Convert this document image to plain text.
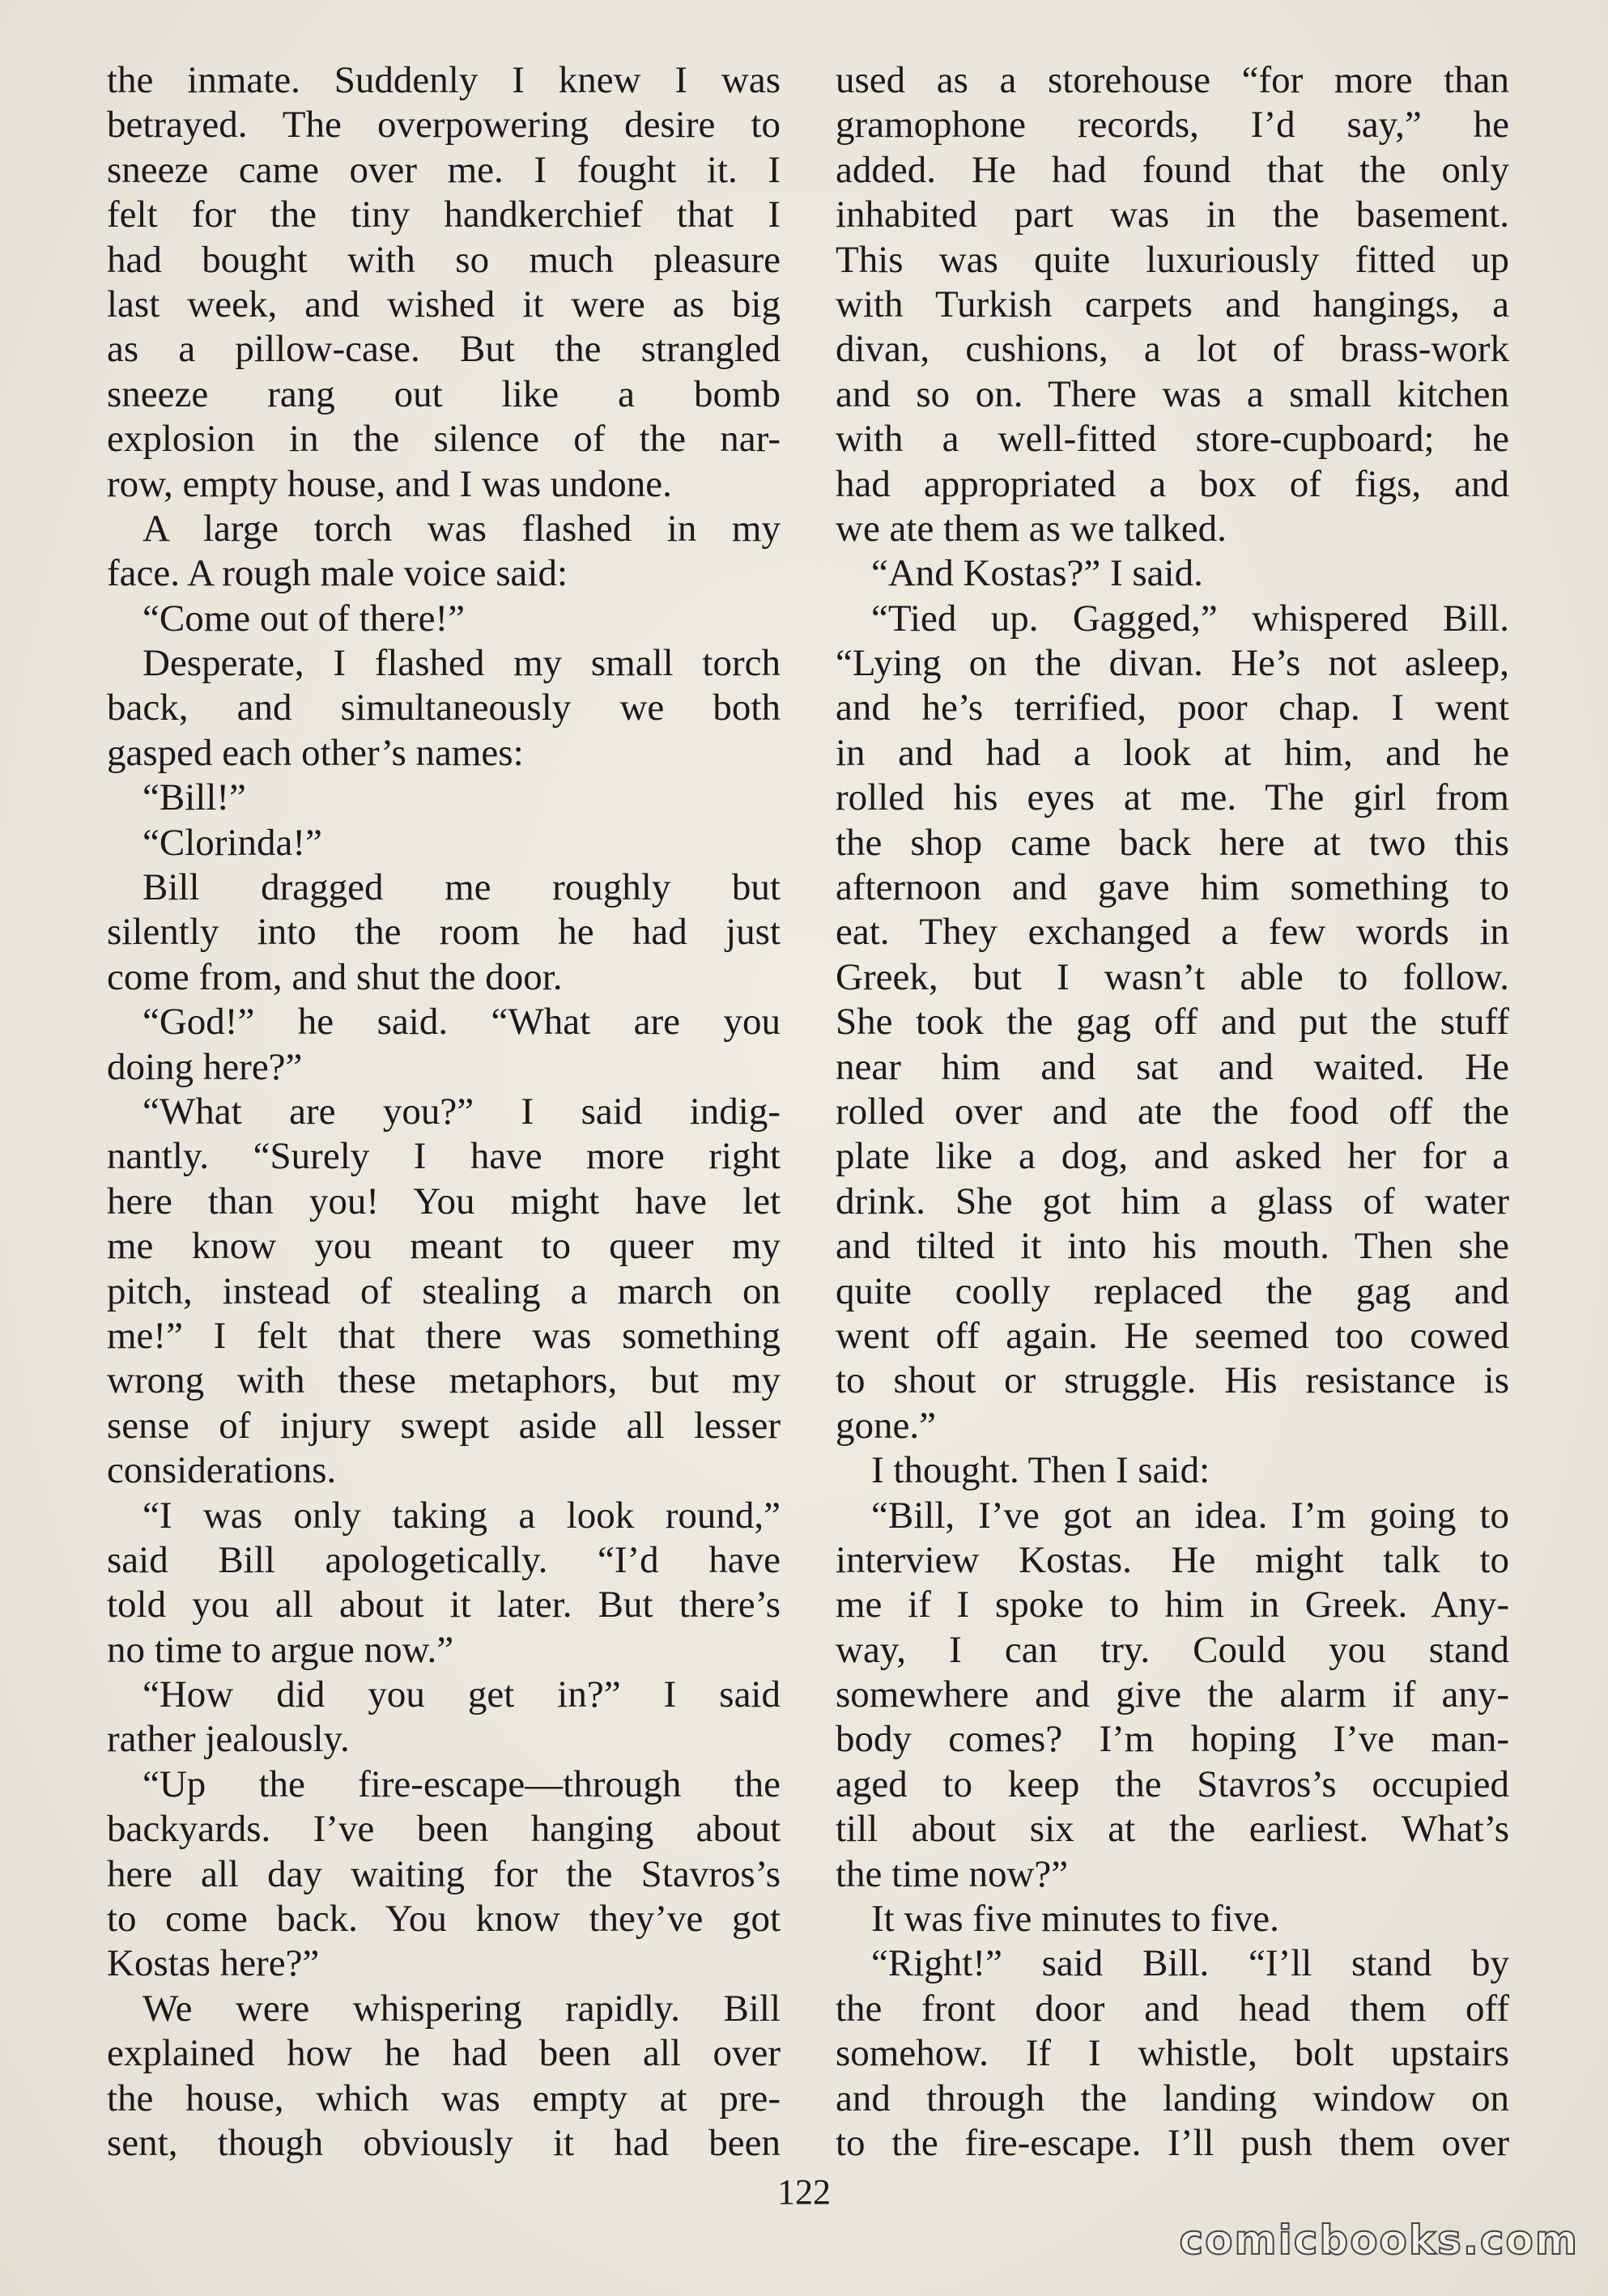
the inmate. Suddenly I knew I was
betrayed. The overpowering desire to
sneeze came over me. I fought it. I
felt for the tiny handkerchief that I
had bought with so much pleasure
last week, and wished it were as big
as a pillow-case. But the strangled
sneeze rang out like a bomb
explosion in the silence of the nar-
row, empty house, and I was undone.
A large torch was flashed in my
face. A rough male voice said:
“Come out of there!”
Desperate, I flashed my small torch
back, and simultaneously we both
gasped each other’s names:
“Bill!”
“Clorinda!”
Bill dragged me roughly but
silently into the room he had just
come from, and shut the door.
“God!” he said. “What are you
doing here?”
“What are you?” I said indig-
nantly. “Surely I have more right
here than you! You might have let
me know you meant to queer my
pitch, instead of stealing a march on
me!” I felt that there was something
wrong with these metaphors, but my
sense of injury swept aside all lesser
considerations.
“I was only taking a look round,”
said Bill apologetically. “I’d have
told you all about it later. But there’s
no time to argue now.”
“How did you get in?” I said
rather jealously.
“Up the fire-escape—through the
backyards. I’ve been hanging about
here all day waiting for the Stavros’s
to come back. You know they’ve got
Kostas here?”
We were whispering rapidly. Bill
explained how he had been all over
the house, which was empty at pre-
sent, though obviously it had been
used as a storehouse “for more than
gramophone records, I’d say,” he
added. He had found that the only
inhabited part was in the basement.
This was quite luxuriously fitted up
with Turkish carpets and hangings, a
divan, cushions, a lot of brass-work
and so on. There was a small kitchen
with a well-fitted store-cupboard; he
had appropriated a box of figs, and
we ate them as we talked.
“And Kostas?” I said.
“Tied up. Gagged,” whispered Bill.
“Lying on the divan. He’s not asleep,
and he’s terrified, poor chap. I went
in and had a look at him, and he
rolled his eyes at me. The girl from
the shop came back here at two this
afternoon and gave him something to
eat. They exchanged a few words in
Greek, but I wasn’t able to follow.
She took the gag off and put the stuff
near him and sat and waited. He
rolled over and ate the food off the
plate like a dog, and asked her for a
drink. She got him a glass of water
and tilted it into his mouth. Then she
quite coolly replaced the gag and
went off again. He seemed too cowed
to shout or struggle. His resistance is
gone.”
I thought. Then I said:
“Bill, I’ve got an idea. I’m going to
interview Kostas. He might talk to
me if I spoke to him in Greek. Any-
way, I can try. Could you stand
somewhere and give the alarm if any-
body comes? I’m hoping I’ve man-
aged to keep the Stavros’s occupied
till about six at the earliest. What’s
the time now?”
It was five minutes to five.
“Right!” said Bill. “I’ll stand by
the front door and head them off
somehow. If I whistle, bolt upstairs
and through the landing window on
to the fire-escape. I’ll push them over
122
comicbooks.com
